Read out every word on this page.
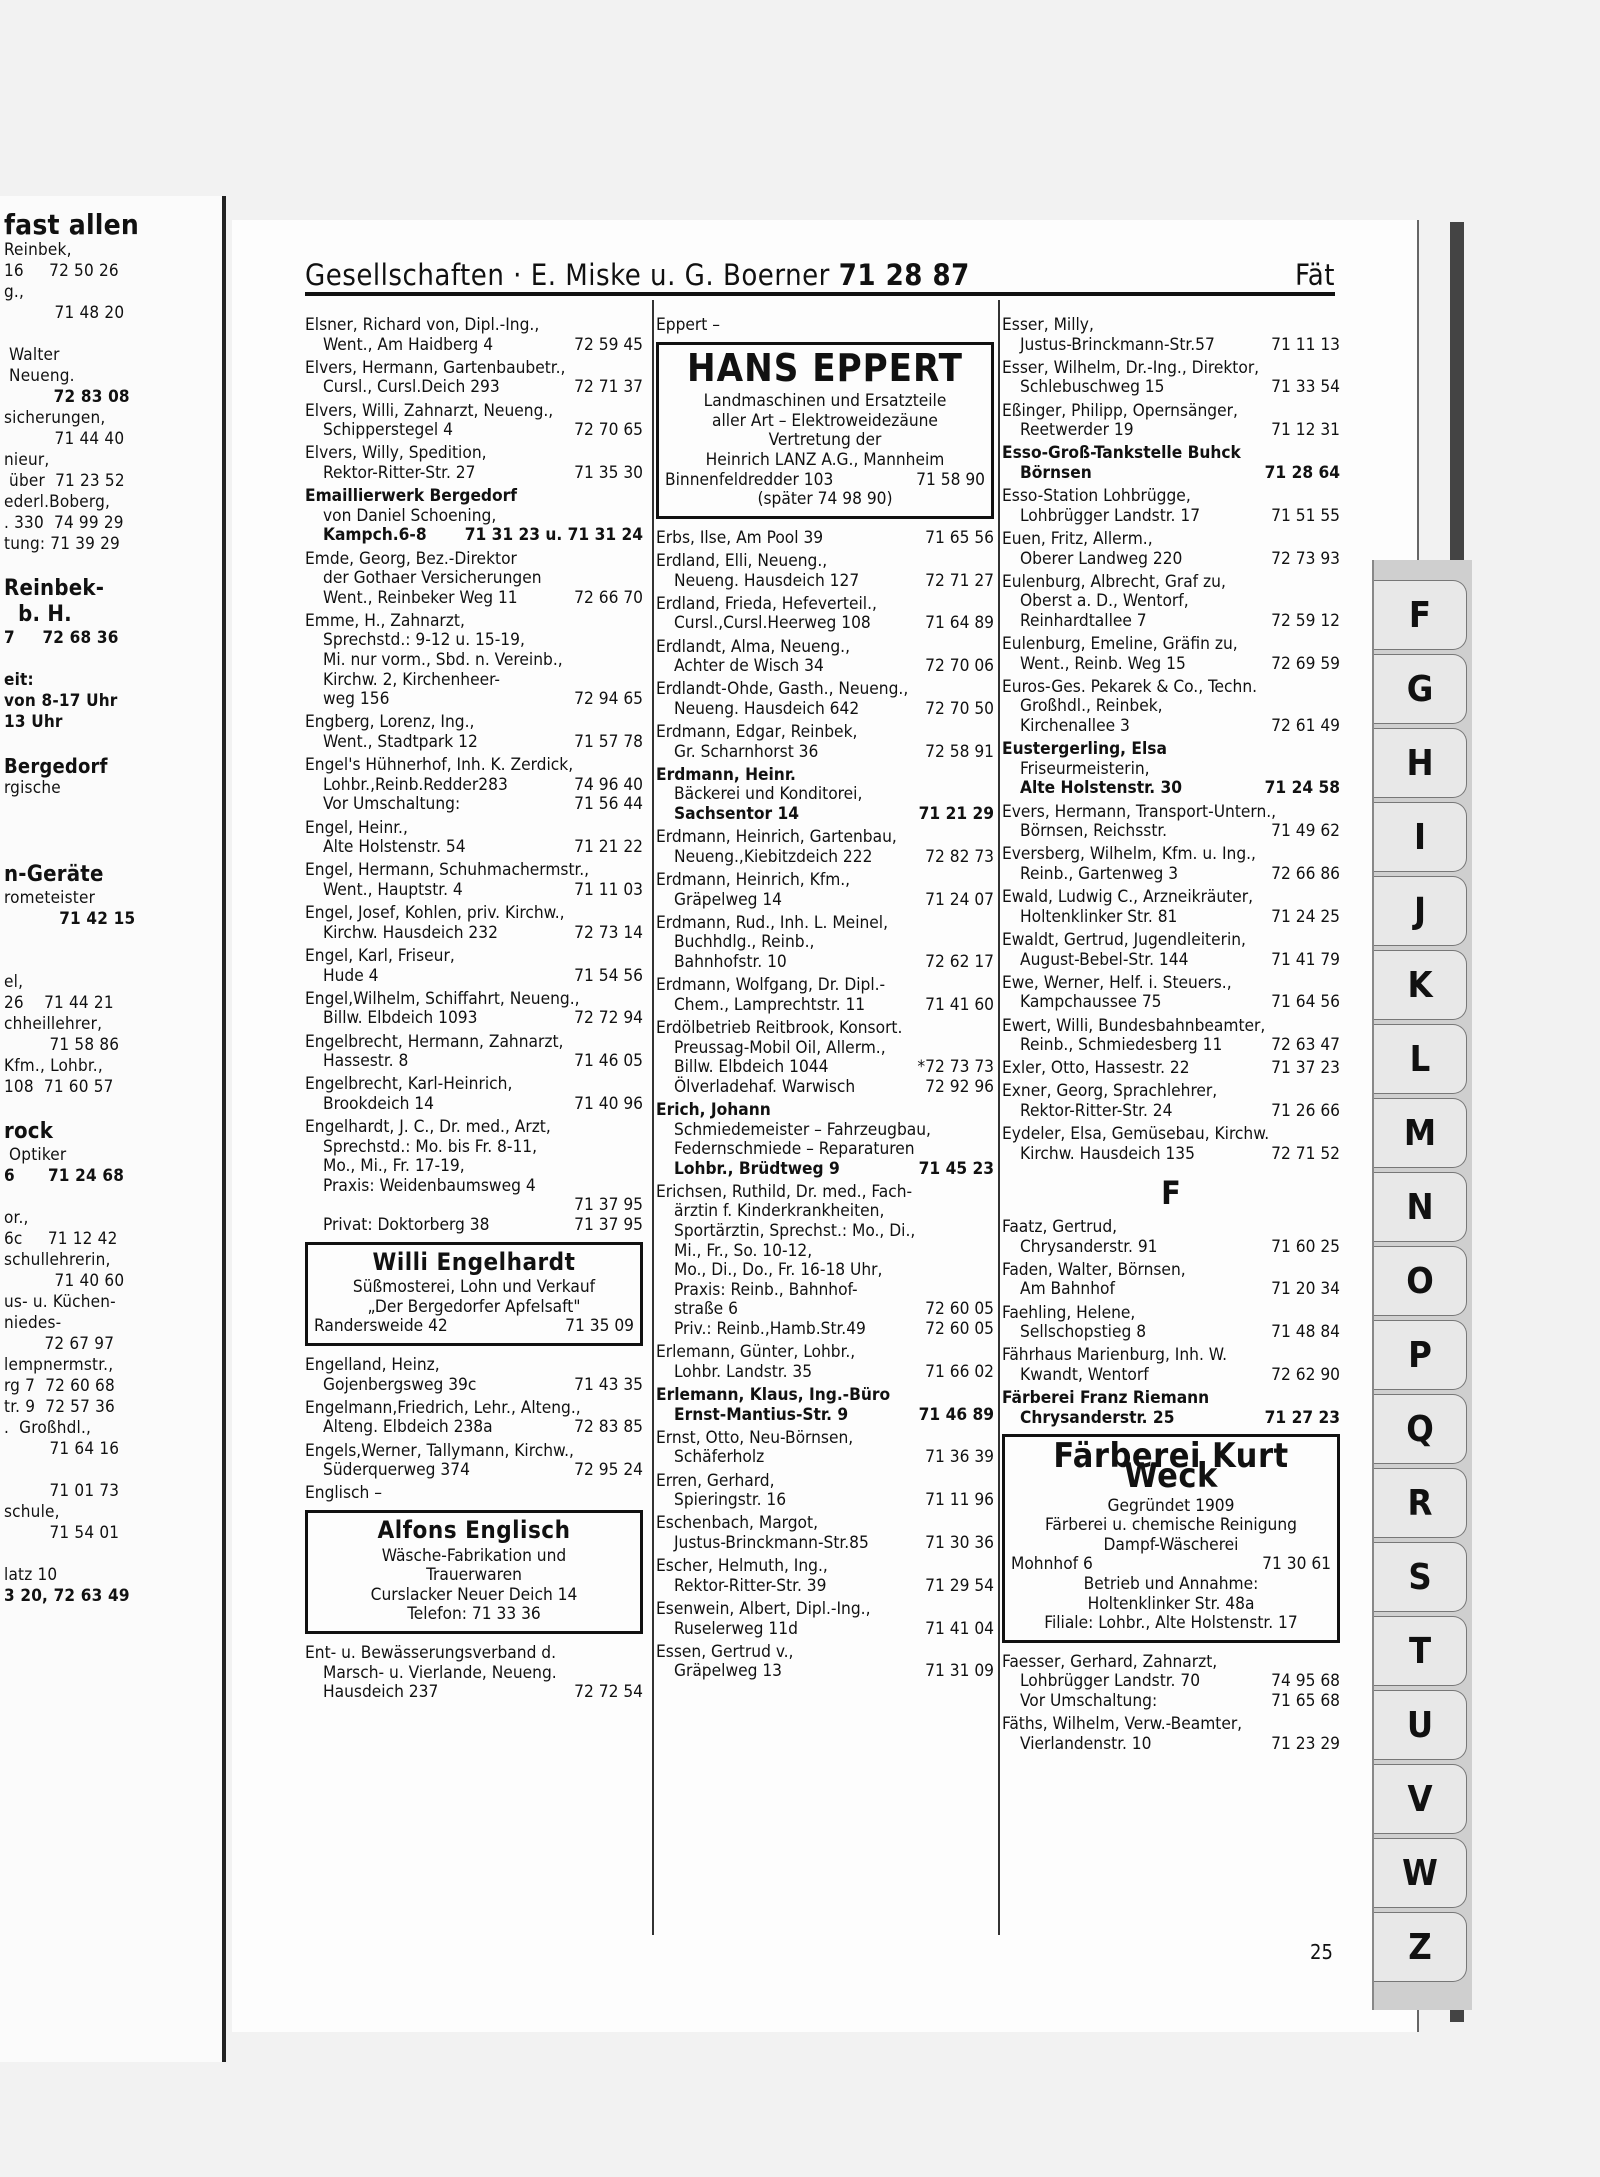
fast allen
Reinbek,
16     72 50 26
g.,
71 48 20
Walter
Neueng.
72 83 08
sicherungen,
71 44 40
nieur,
über  71 23 52
ederl.Boberg,
. 330  74 99 29
tung: 71 39 29
Reinbek-
b. H.
7     72 68 36
eit:
von 8-17 Uhr
13 Uhr
Bergedorf
rgische
n-Geräte
rometeister
71 42 15
el,
26    71 44 21
chheillehrer,
71 58 86
Kfm., Lohbr.,
108  71 60 57
rock
Optiker
6      71 24 68
or.,
6c     71 12 42
schullehrerin,
71 40 60
us- u. Küchen-
niedes-
72 67 97
lempnermstr.,
rg 7  72 60 68
tr. 9  72 57 36
.  Großhdl.,
71 64 16
71 01 73
schule,
71 54 01
latz 10
3 20, 72 63 49
Gesellschaften · E. Miske u. G. Boerner 71 28 87	Fät
Elsner, Richard von, Dipl.-Ing.,
Went., Am Haidberg 4	72 59 45
Elvers, Hermann, Gartenbaubetr.,
Cursl., Cursl.Deich 293	72 71 37
Elvers, Willi, Zahnarzt, Neueng.,
Schipperstegel 4	72 70 65
Elvers, Willy, Spedition,
Rektor-Ritter-Str. 27	71 35 30
Emaillierwerk Bergedorf
von Daniel Schoening,
Kampch.6-8 71 31 23 u. 71 31 24
Emde, Georg, Bez.-Direktor
der Gothaer Versicherungen
Went., Reinbeker Weg 11	72 66 70
Emme, H., Zahnarzt,
Sprechstd.: 9-12 u. 15-19,
Mi. nur vorm., Sbd. n. Vereinb.,
Kirchw. 2, Kirchenheer-
weg 156	72 94 65
Engberg, Lorenz, Ing.,
Went., Stadtpark 12	71 57 78
Engel's Hühnerhof, Inh. K. Zerdick,
Lohbr.,Reinb.Redder283	74 96 40
Vor Umschaltung:	71 56 44
Engel, Heinr.,
Alte Holstenstr. 54	71 21 22
Engel, Hermann, Schuhmachermstr.,
Went., Hauptstr. 4	71 11 03
Engel, Josef, Kohlen, priv. Kirchw.,
Kirchw. Hausdeich 232	72 73 14
Engel, Karl, Friseur,
Hude 4	71 54 56
Engel,Wilhelm, Schiffahrt, Neueng.,
Billw. Elbdeich 1093	72 72 94
Engelbrecht, Hermann, Zahnarzt,
Hassestr. 8	71 46 05
Engelbrecht, Karl-Heinrich,
Brookdeich 14	71 40 96
Engelhardt, J. C., Dr. med., Arzt,
Sprechstd.: Mo. bis Fr. 8-11,
Mo., Mi., Fr. 17-19,
Praxis: Weidenbaumsweg 4
71 37 95
Privat: Doktorberg 38	71 37 95
Willi Engelhardt
Süßmosterei, Lohn und Verkauf
„Der Bergedorfer Apfelsaft"
Randersweide 42	71 35 09
Engelland, Heinz,
Gojenbergsweg 39c	71 43 35
Engelmann,Friedrich, Lehr., Alteng.,
Alteng. Elbdeich 238a	72 83 85
Engels,Werner, Tallymann, Kirchw.,
Süderquerweg 374	72 95 24
Englisch –
Alfons Englisch
Wäsche-Fabrikation und
Trauerwaren
Curslacker Neuer Deich 14
Telefon: 71 33 36
Ent- u. Bewässerungsverband d.
Marsch- u. Vierlande, Neueng.
Hausdeich 237	72 72 54
Eppert –
HANS EPPERT
Landmaschinen und Ersatzteile
aller Art – Elektroweidezäune
Vertretung der
Heinrich LANZ A.G., Mannheim
Binnenfeldredder 103	71 58 90
(später 74 98 90)
Erbs, Ilse, Am Pool 39	71 65 56
Erdland, Elli, Neueng.,
Neueng. Hausdeich 127	72 71 27
Erdland, Frieda, Hefeverteil.,
Cursl.,Cursl.Heerweg 108	71 64 89
Erdlandt, Alma, Neueng.,
Achter de Wisch 34	72 70 06
Erdlandt-Ohde, Gasth., Neueng.,
Neueng. Hausdeich 642	72 70 50
Erdmann, Edgar, Reinbek,
Gr. Scharnhorst 36	72 58 91
Erdmann, Heinr.
Bäckerei und Konditorei,
Sachsentor 14	71 21 29
Erdmann, Heinrich, Gartenbau,
Neueng.,Kiebitzdeich 222	72 82 73
Erdmann, Heinrich, Kfm.,
Gräpelweg 14	71 24 07
Erdmann, Rud., Inh. L. Meinel,
Buchhdlg., Reinb.,
Bahnhofstr. 10	72 62 17
Erdmann, Wolfgang, Dr. Dipl.-
Chem., Lamprechtstr. 11	71 41 60
Erdölbetrieb Reitbrook, Konsort.
Preussag-Mobil Oil, Allerm.,
Billw. Elbdeich 1044	*72 73 73
Ölverladehaf. Warwisch	72 92 96
Erich, Johann
Schmiedemeister – Fahrzeugbau,
Federnschmiede – Reparaturen
Lohbr., Brüdtweg 9	71 45 23
Erichsen, Ruthild, Dr. med., Fach-
ärztin f. Kinderkrankheiten,
Sportärztin, Sprechst.: Mo., Di.,
Mi., Fr., So. 10-12,
Mo., Di., Do., Fr. 16-18 Uhr,
Praxis: Reinb., Bahnhof-
straße 6	72 60 05
Priv.: Reinb.,Hamb.Str.49	72 60 05
Erlemann, Günter, Lohbr.,
Lohbr. Landstr. 35	71 66 02
Erlemann, Klaus, Ing.-Büro
Ernst-Mantius-Str. 9	71 46 89
Ernst, Otto, Neu-Börnsen,
Schäferholz	71 36 39
Erren, Gerhard,
Spieringstr. 16	71 11 96
Eschenbach, Margot,
Justus-Brinckmann-Str.85	71 30 36
Escher, Helmuth, Ing.,
Rektor-Ritter-Str. 39	71 29 54
Esenwein, Albert, Dipl.-Ing.,
Ruselerweg 11d	71 41 04
Essen, Gertrud v.,
Gräpelweg 13	71 31 09
Esser, Milly,
Justus-Brinckmann-Str.57	71 11 13
Esser, Wilhelm, Dr.-Ing., Direktor,
Schlebuschweg 15	71 33 54
Eßinger, Philipp, Opernsänger,
Reetwerder 19	71 12 31
Esso-Groß-Tankstelle Buhck
Börnsen	71 28 64
Esso-Station Lohbrügge,
Lohbrügger Landstr. 17	71 51 55
Euen, Fritz, Allerm.,
Oberer Landweg 220	72 73 93
Eulenburg, Albrecht, Graf zu,
Oberst a. D., Wentorf,
Reinhardtallee 7	72 59 12
Eulenburg, Emeline, Gräfin zu,
Went., Reinb. Weg 15	72 69 59
Euros-Ges. Pekarek & Co., Techn.
Großhdl., Reinbek,
Kirchenallee 3	72 61 49
Eustergerling, Elsa
Friseurmeisterin,
Alte Holstenstr. 30	71 24 58
Evers, Hermann, Transport-Untern.,
Börnsen, Reichsstr.	71 49 62
Eversberg, Wilhelm, Kfm. u. Ing.,
Reinb., Gartenweg 3	72 66 86
Ewald, Ludwig C., Arzneikräuter,
Holtenklinker Str. 81	71 24 25
Ewaldt, Gertrud, Jugendleiterin,
August-Bebel-Str. 144	71 41 79
Ewe, Werner, Helf. i. Steuers.,
Kampchaussee 75	71 64 56
Ewert, Willi, Bundesbahnbeamter,
Reinb., Schmiedesberg 11	72 63 47
Exler, Otto, Hassestr. 22	71 37 23
Exner, Georg, Sprachlehrer,
Rektor-Ritter-Str. 24	71 26 66
Eydeler, Elsa, Gemüsebau, Kirchw.
Kirchw. Hausdeich 135	72 71 52
F
Faatz, Gertrud,
Chrysanderstr. 91	71 60 25
Faden, Walter, Börnsen,
Am Bahnhof	71 20 34
Faehling, Helene,
Sellschopstieg 8	71 48 84
Fährhaus Marienburg, Inh. W.
Kwandt, Wentorf	72 62 90
Färberei Franz Riemann
Chrysanderstr. 25	71 27 23
Färberei Kurt Weck
Gegründet 1909
Färberei u. chemische Reinigung
Dampf-Wäscherei
Mohnhof 6	71 30 61
Betrieb und Annahme:
Holtenklinker Str. 48a
Filiale: Lohbr., Alte Holstenstr. 17
Faesser, Gerhard, Zahnarzt,
Lohbrügger Landstr. 70	74 95 68
Vor Umschaltung:	71 65 68
Fäths, Wilhelm, Verw.-Beamter,
Vierlandenstr. 10	71 23 29
25
F
G
H
I
J
K
L
M
N
O
P
Q
R
S
T
U
V
W
Z
